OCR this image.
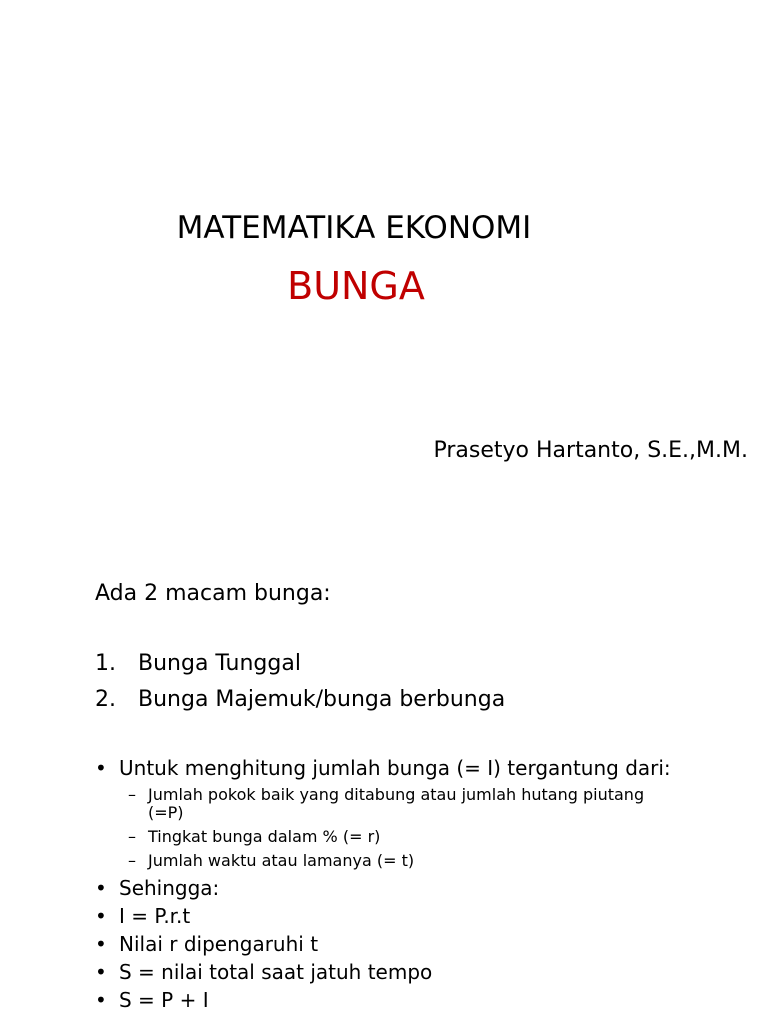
MATEMATIKA EKONOMI
BUNGA
Prasetyo Hartanto, S.E.,M.M.
Ada 2 macam bunga:
1. Bunga Tunggal
2. Bunga Majemuk/bunga berbunga
• Untuk menghitung jumlah bunga (= I) tergantung dari:
– Jumlah pokok baik yang ditabung atau jumlah hutang piutang (=P)
– Tingkat bunga dalam % (= r)
– Jumlah waktu atau lamanya (= t)
• Sehingga:
• I = P.r.t
• Nilai r dipengaruhi t
• S = nilai total saat jatuh tempo
• S = P + I
